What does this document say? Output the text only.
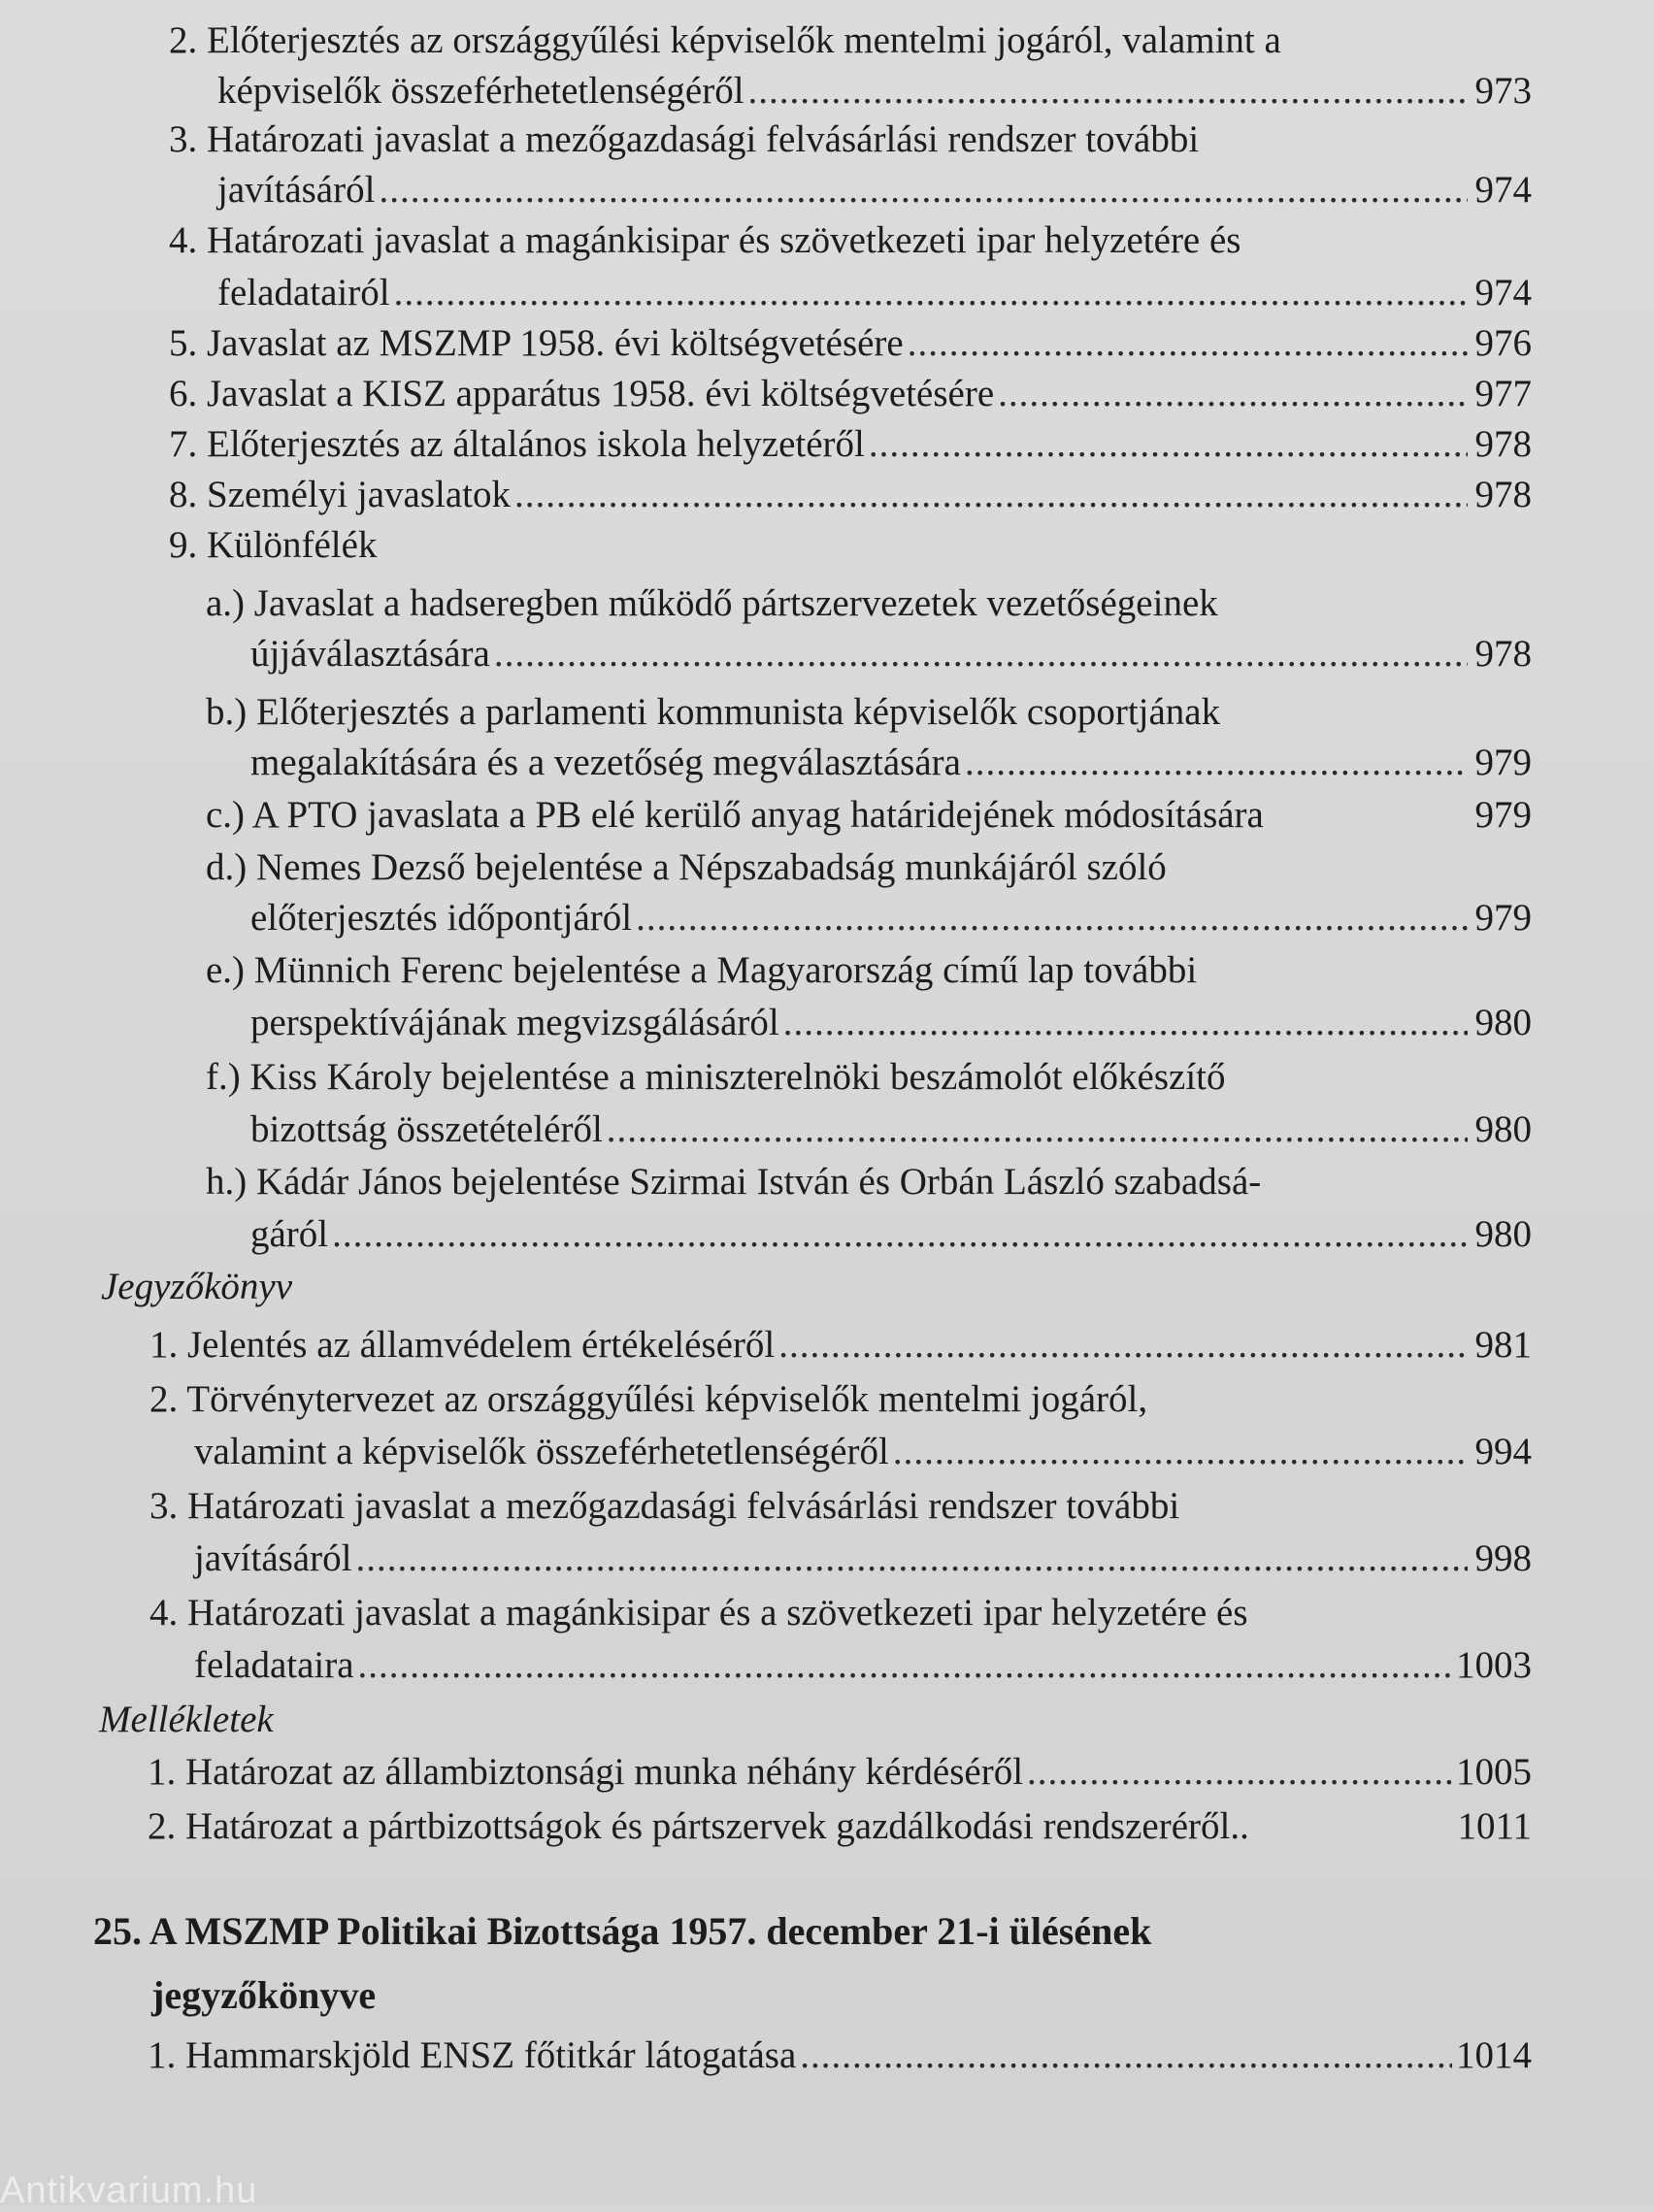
2. Előterjesztés az országgyűlési képviselők mentelmi jogáról, valamint a
képviselők összeférhetetlenségéről .....	973
3. Határozati javaslat a mezőgazdasági felvásárlási rendszer további
javításáról .....	974
4. Határozati javaslat a magánkisipar és szövetkezeti ipar helyzetére és
feladatairól .....	974
5. Javaslat az MSZMP 1958. évi költségvetésére .....	976
6. Javaslat a KISZ apparátus 1958. évi költségvetésére .....	977
7. Előterjesztés az általános iskola helyzetéről .....	978
8. Személyi javaslatok .....	978
9. Különfélék
a.) Javaslat a hadseregben működő pártszervezetek vezetőségeinek
újjáválasztására .....	978
b.) Előterjesztés a parlamenti kommunista képviselők csoportjának
megalakítására és a vezetőség megválasztására .....	979
c.) A PTO javaslata a PB elé kerülő anyag határidejének módosítására	979
d.) Nemes Dezső bejelentése a Népszabadság munkájáról szóló
előterjesztés időpontjáról .....	979
e.) Münnich Ferenc bejelentése a Magyarország című lap további
perspektívájának megvizsgálásáról .....	980
f.) Kiss Károly bejelentése a miniszterelnöki beszámolót előkészítő
bizottság összetételéről .....	980
h.) Kádár János bejelentése Szirmai István és Orbán László szabadsá-
gáról .....	980
Jegyzőkönyv
1. Jelentés az államvédelem értékeléséről .....	981
2. Törvénytervezet az országgyűlési képviselők mentelmi jogáról,
valamint a képviselők összeférhetetlenségéről .....	994
3. Határozati javaslat a mezőgazdasági felvásárlási rendszer további
javításáról .....	998
4. Határozati javaslat a magánkisipar és a szövetkezeti ipar helyzetére és
feladataira .....	1003
Mellékletek
1. Határozat az állambiztonsági munka néhány kérdéséről .....	1005
2. Határozat a pártbizottságok és pártszervek gazdálkodási rendszeréről..	1011
25. A MSZMP Politikai Bizottsága 1957. december 21-i ülésének
jegyzőkönyve
1. Hammarskjöld ENSZ főtitkár látogatása .....	1014
Antikvarium.hu
